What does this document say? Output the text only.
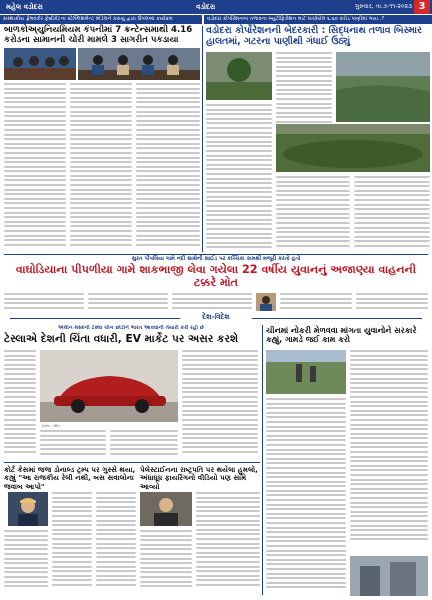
મહેલ વડોદરા	વડોદરા	ગુરુવાર, તા.૭-૧૧-૨૦૨૩ 3
સંસ્થાકીય ફ્રેમવર્કર ફેબ્રીકેટના સ્ટેબ્લિશમેન્ટ મોડેલને કરાયું દ્વારા ઉપલબ્ધ કાર્યક્રમ	વડોદરા કોર્પોરેશનના તળાવના બ્યુટીફિકેશન માટે ખર્ચાયેલ ૬.૬૦ કરોડ પાણીમાં ગયા..?
બાળકોઅ્યુનિયમિયમ કંપનીમાં 7 ક્રન્ટેન્સમાથી 4.16 કરોડના સામાનની ચોરી મામલે 3 સાગરીત પકડાયા
વડોદરા કોર્પોરેશનની બેદરકારી : સિદ્ધનાથ તળાવ બિસ્માર હાલતમાં, ગટરના પાણીથી ગંધાઈ ઉઠ્યું
સુરત પીપલિયા ગામે નદી સાથેની સાઈડ પર કચ્ચિકા કામથી મજૂરી કરતો હતો
વાઘોડિયાના પીપળીયા ગામે શાકભાજી લેવા ગયેલા 22 વર્ષીય યુવાનનું અજાણ્યા વાહનની ટક્કરે મોત
દેશ-વિદેશ
એલોન મસ્કની ટેસ્લા ચીન છોડીને ભારત આવવાની તૈયારી કરી રહી છે
ટેસ્લાએ દેશની ચિંતા વધારી, EV માર્કેટ પર અસર કરશે
ટેસ્લા - ચીન
ચીનમાં નોકરી મેળવવા માંગતા યુવાનોને સરકારે કહ્યું, ગામડે જઈ કામ કરો
કોર્ટ કેસમાં જજ ડોનાલ્ડ ટ્રમ્પ પર ગુસ્સે થયા, કહ્યું "આ રાજકીય રેલી નથી, બસ સવાલોના જવાબ આપો"
પેલેસ્ટાઈનના રાષ્ટ્રપતિ પર થયેલા હુમલો, અંધાધૂધ ફાયરિંગનો વીડિયો પણ સામે આવ્યો
